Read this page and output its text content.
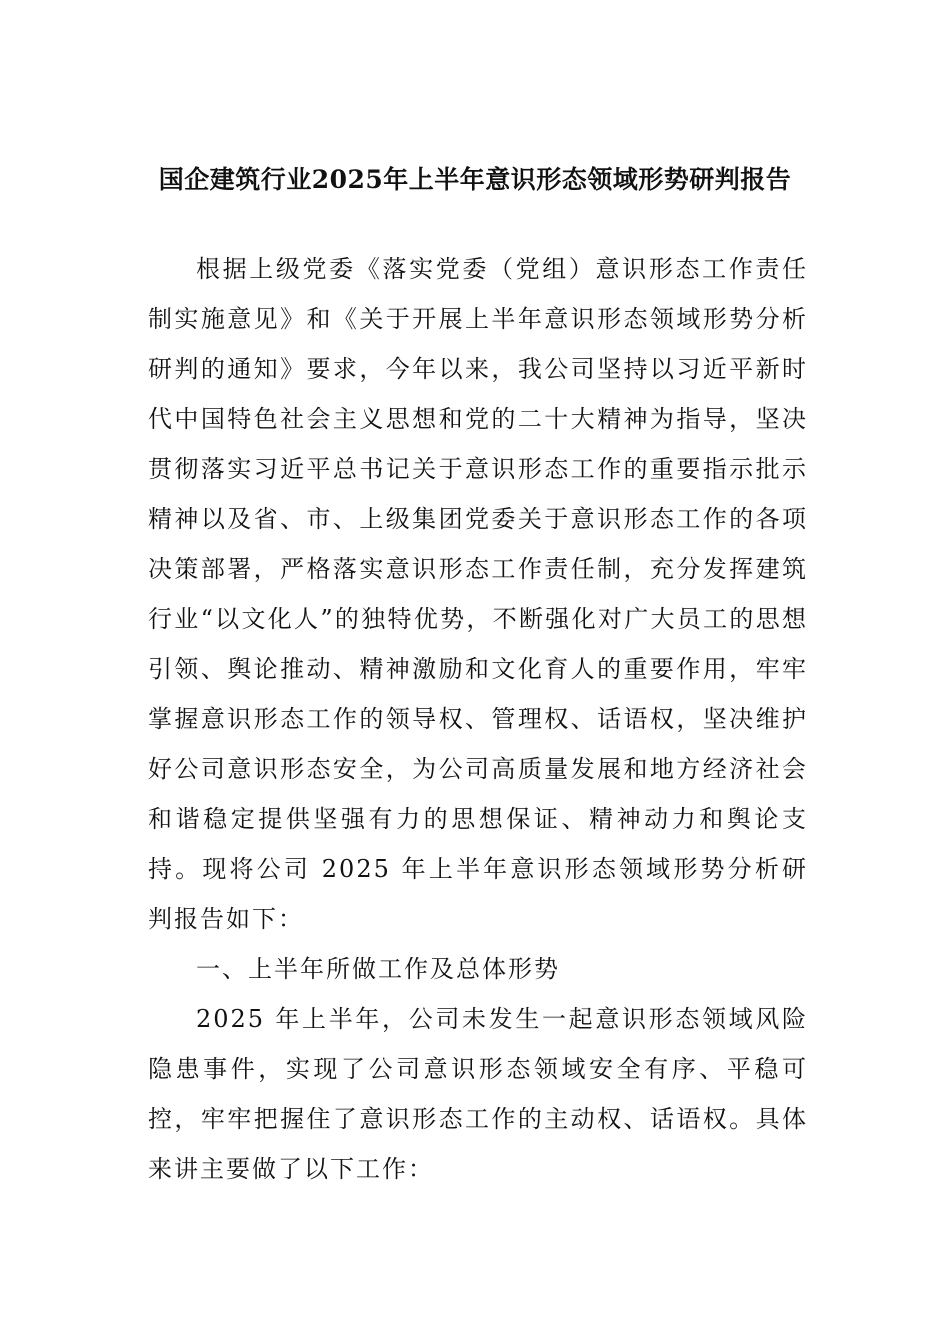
国企建筑行业2025年上半年意识形态领域形势研判报告

根据上级党委《落实党委（党组）意识形态工作责任制实施意见》和《关于开展上半年意识形态领域形势分析研判的通知》要求，今年以来，我公司坚持以习近平新时代中国特色社会主义思想和党的二十大精神为指导，坚决贯彻落实习近平总书记关于意识形态工作的重要指示批示精神以及省、市、上级集团党委关于意识形态工作的各项决策部署，严格落实意识形态工作责任制，充分发挥建筑行业“以文化人”的独特优势，不断强化对广大员工的思想引领、舆论推动、精神激励和文化育人的重要作用，牢牢掌握意识形态工作的领导权、管理权、话语权，坚决维护好公司意识形态安全，为公司高质量发展和地方经济社会和谐稳定提供坚强有力的思想保证、精神动力和舆论支持。现将公司 2025 年上半年意识形态领域形势分析研判报告如下：

一、上半年所做工作及总体形势

2025 年上半年，公司未发生一起意识形态领域风险隐患事件，实现了公司意识形态领域安全有序、平稳可控，牢牢把握住了意识形态工作的主动权、话语权。具体来讲主要做了以下工作：
